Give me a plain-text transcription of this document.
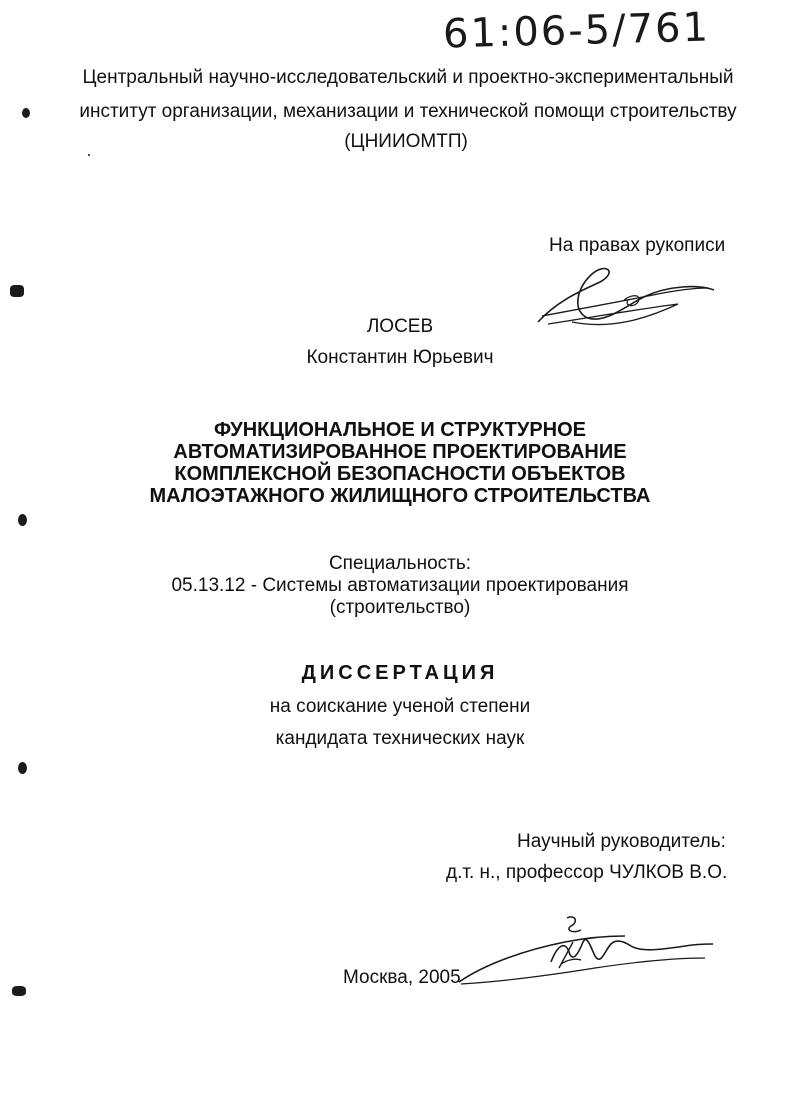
61:06-5/761
Центральный научно-исследовательский и проектно-экспериментальный
институт организации, механизации и технической помощи строительству
(ЦНИИОМТП)
На правах рукописи
ЛОСЕВ
Константин Юрьевич
ФУНКЦИОНАЛЬНОЕ И СТРУКТУРНОЕ
АВТОМАТИЗИРОВАННОЕ ПРОЕКТИРОВАНИЕ
КОМПЛЕКСНОЙ БЕЗОПАСНОСТИ ОБЪЕКТОВ
МАЛОЭТАЖНОГО ЖИЛИЩНОГО СТРОИТЕЛЬСТВА
Специальность:
05.13.12 - Системы автоматизации проектирования
(строительство)
ДИССЕРТАЦИЯ
на соискание ученой степени
кандидата технических наук
Научный руководитель:
д.т. н., профессор ЧУЛКОВ В.О.
Москва, 2005
